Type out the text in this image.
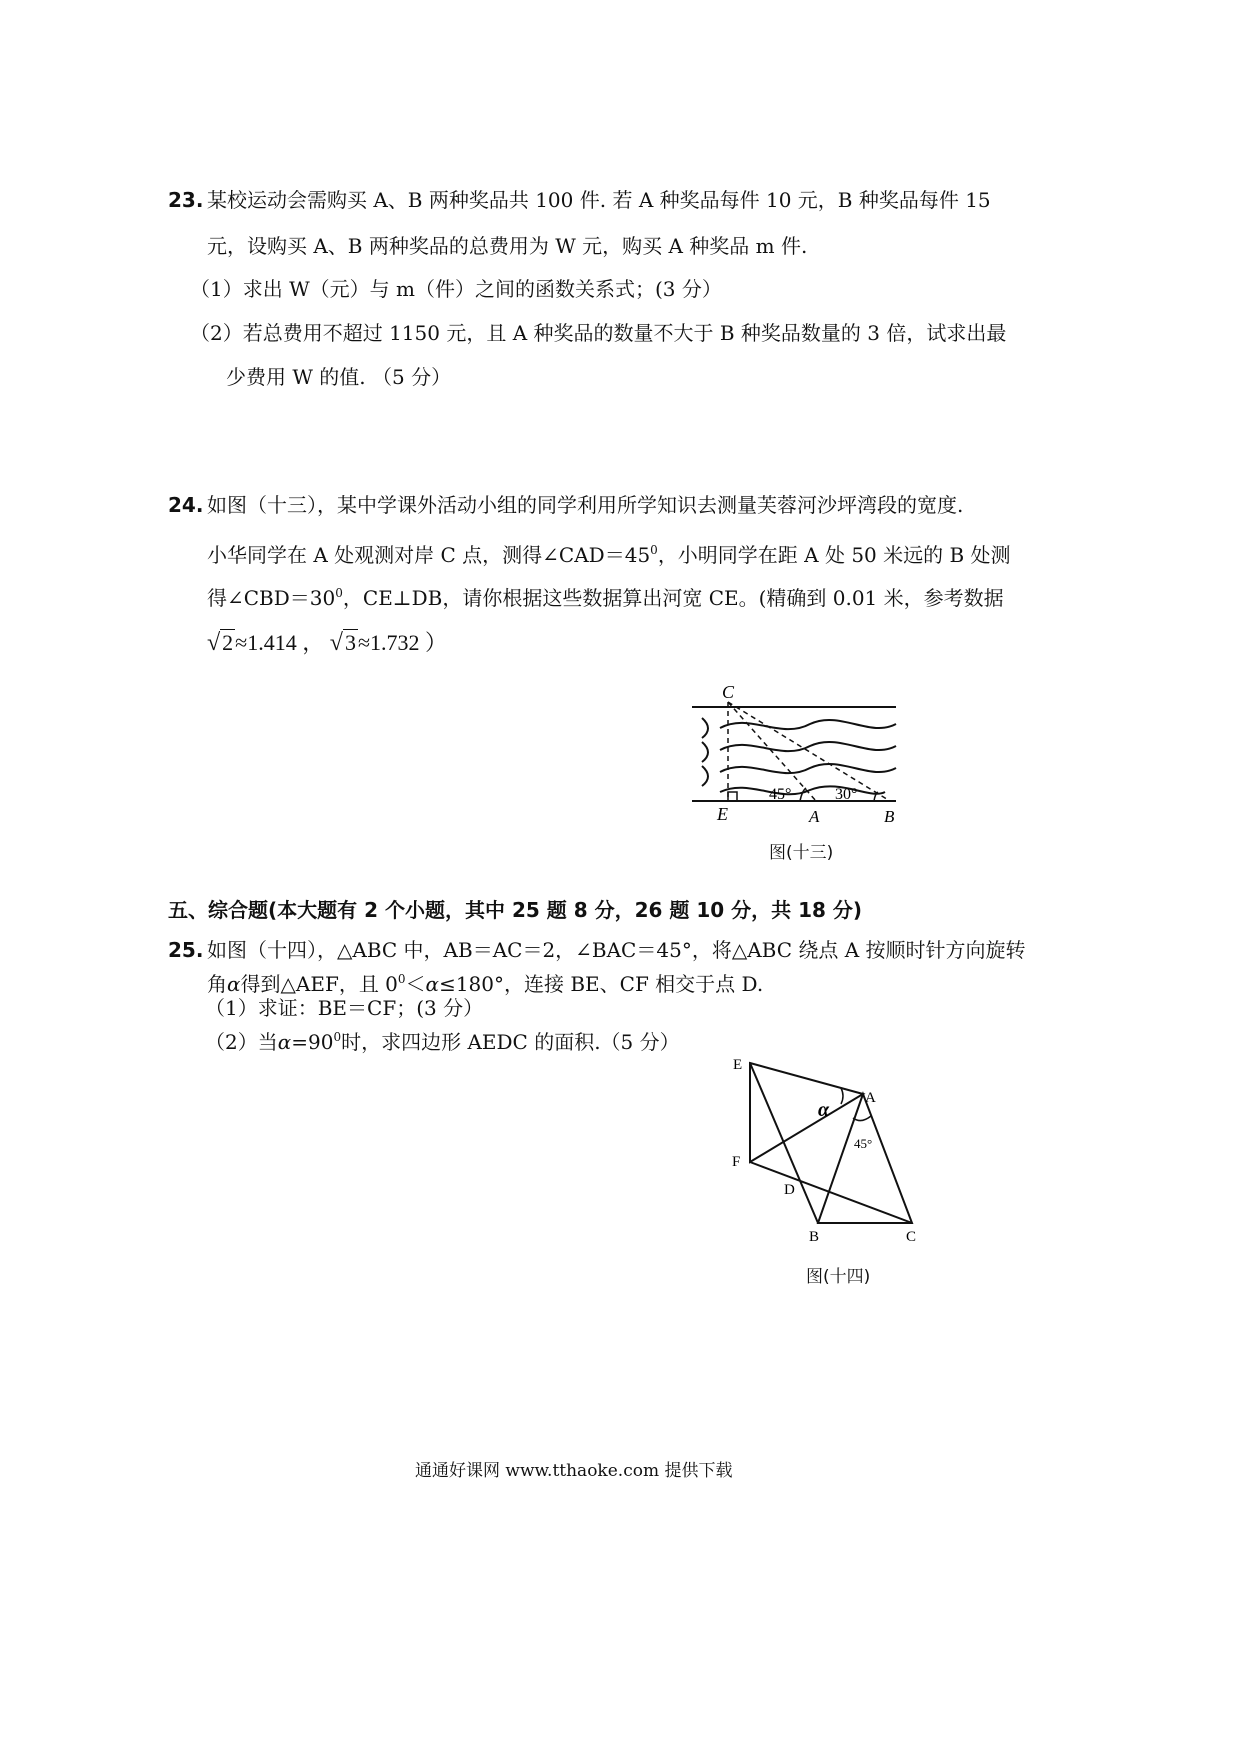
23. 某校运动会需购买 A、B 两种奖品共 100 件. 若 A 种奖品每件 10 元，B 种奖品每件 15
元，设购买 A、B 两种奖品的总费用为 W 元，购买 A 种奖品 m 件.
（1）求出 W（元）与 m（件）之间的函数关系式；(3 分）
（2）若总费用不超过 1150 元，且 A 种奖品的数量不大于 B 种奖品数量的 3 倍，试求出最
少费用 W 的值. （5 分）
24. 如图（十三），某中学课外活动小组的同学利用所学知识去测量芙蓉河沙坪湾段的宽度.
小华同学在 A 处观测对岸 C 点，测得$\angle CAD=45^0$，小明同学在距 A 处 50 米远的 B 处测
得$\angle CBD=30^0$，CE⊥DB，请你根据这些数据算出河宽 CE。(精确到 0.01 米，参考数据
√2≈1.414 ， √3≈1.732 ）
C
E	A	B
45°	30°
图(十三)
五、综合题(本大题有 2 个小题，其中 25 题 8 分，26 题 10 分，共 18 分)
25. 如图（十四），△ABC 中，AB＝AC＝2，∠BAC＝45°，将△ABC 绕点 A 按顺时针方向旋转
角α得到△AEF，且 $0^0<\alpha\le 180^\circ$，连接 BE、CF 相交于点 D.
（1）求证：BE＝CF；(3 分）
（2）当$\alpha=90^0$时，求四边形 AEDC 的面积.（5 分）
E
A
F
D
B	C
α
45°
图(十四)
通通好课网 www.tthaoke.com 提供下载
